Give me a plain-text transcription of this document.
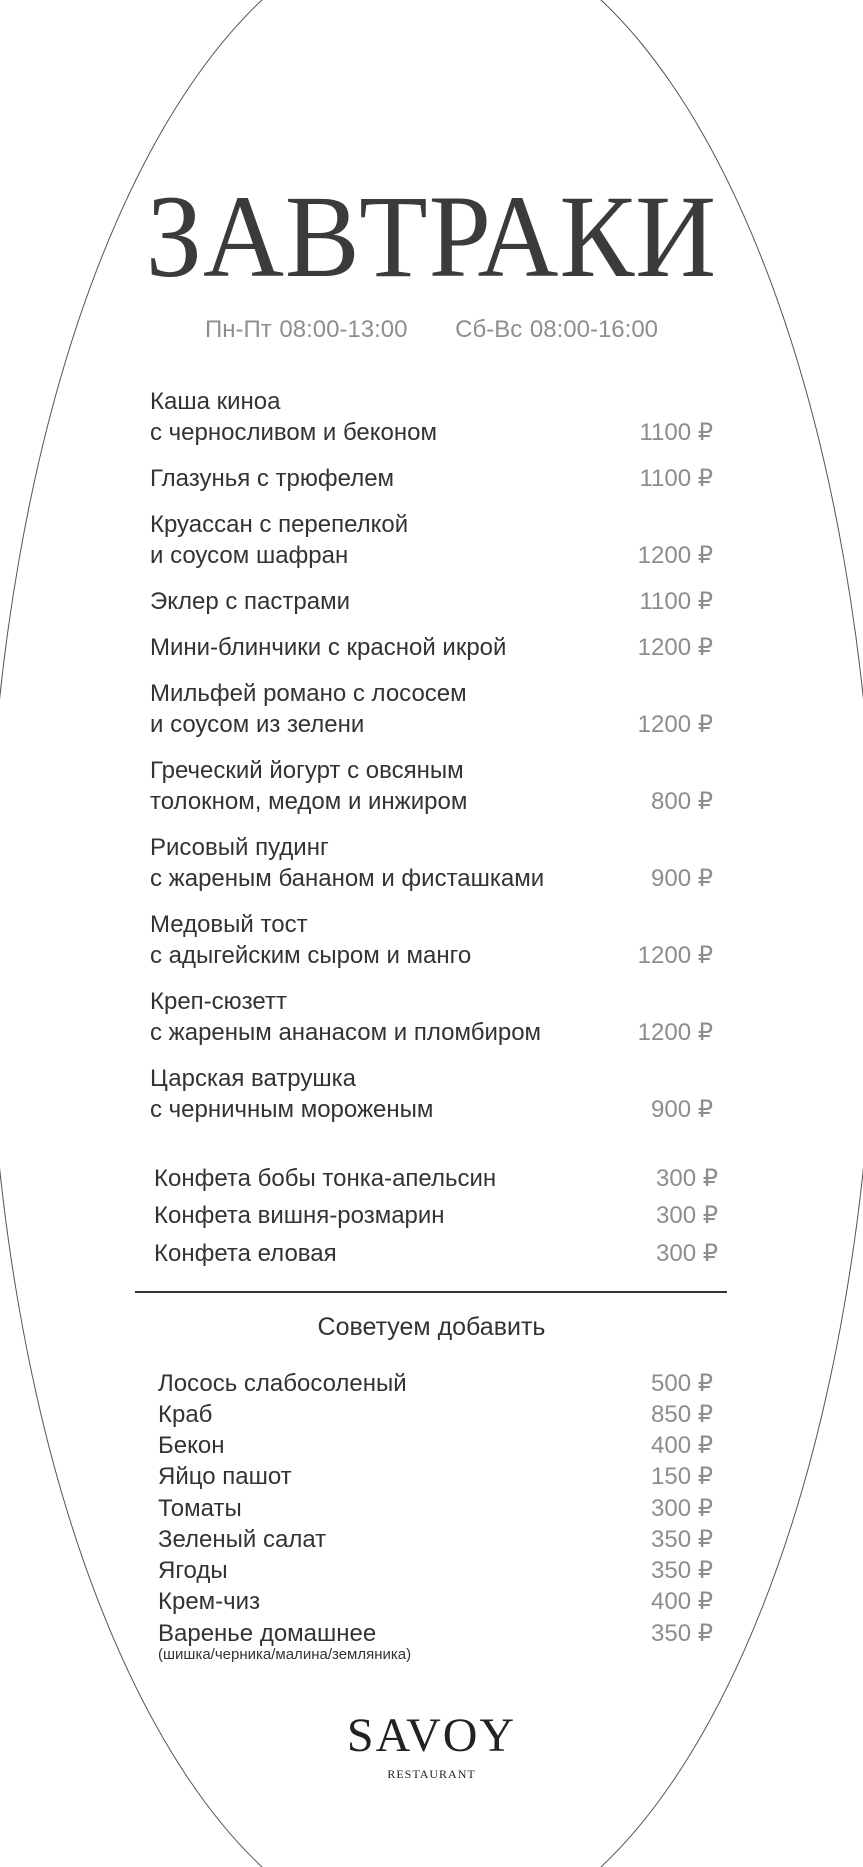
ЗАВТРАКИ
Пн-Пт 08:00-13:00 Сб-Вс 08:00-16:00
Каша киноа
с черносливом и беконом	1100 ₽
Глазунья с трюфелем	1100 ₽
Круассан с перепелкой
и соусом шафран	1200 ₽
Эклер с пастрами	1100 ₽
Мини-блинчики с красной икрой	1200 ₽
Мильфей романо с лососем
и соусом из зелени	1200 ₽
Греческий йогурт с овсяным
толокном, медом и инжиром	800 ₽
Рисовый пудинг
с жареным бананом и фисташками	900 ₽
Медовый тост
с адыгейским сыром и манго	1200 ₽
Креп-сюзетт
с жареным ананасом и пломбиром	1200 ₽
Царская ватрушка
с черничным мороженым	900 ₽
Конфета бобы тонка-апельсин	300 ₽
Конфета вишня-розмарин	300 ₽
Конфета еловая	300 ₽
Советуем добавить
Лосось слабосоленый	500 ₽
Краб	850 ₽
Бекон	400 ₽
Яйцо пашот	150 ₽
Томаты	300 ₽
Зеленый салат	350 ₽
Ягоды	350 ₽
Крем-чиз	400 ₽
Варенье домашнее	350 ₽
(шишка/черника/малина/земляника)
SAVOY
RESTAURANT
